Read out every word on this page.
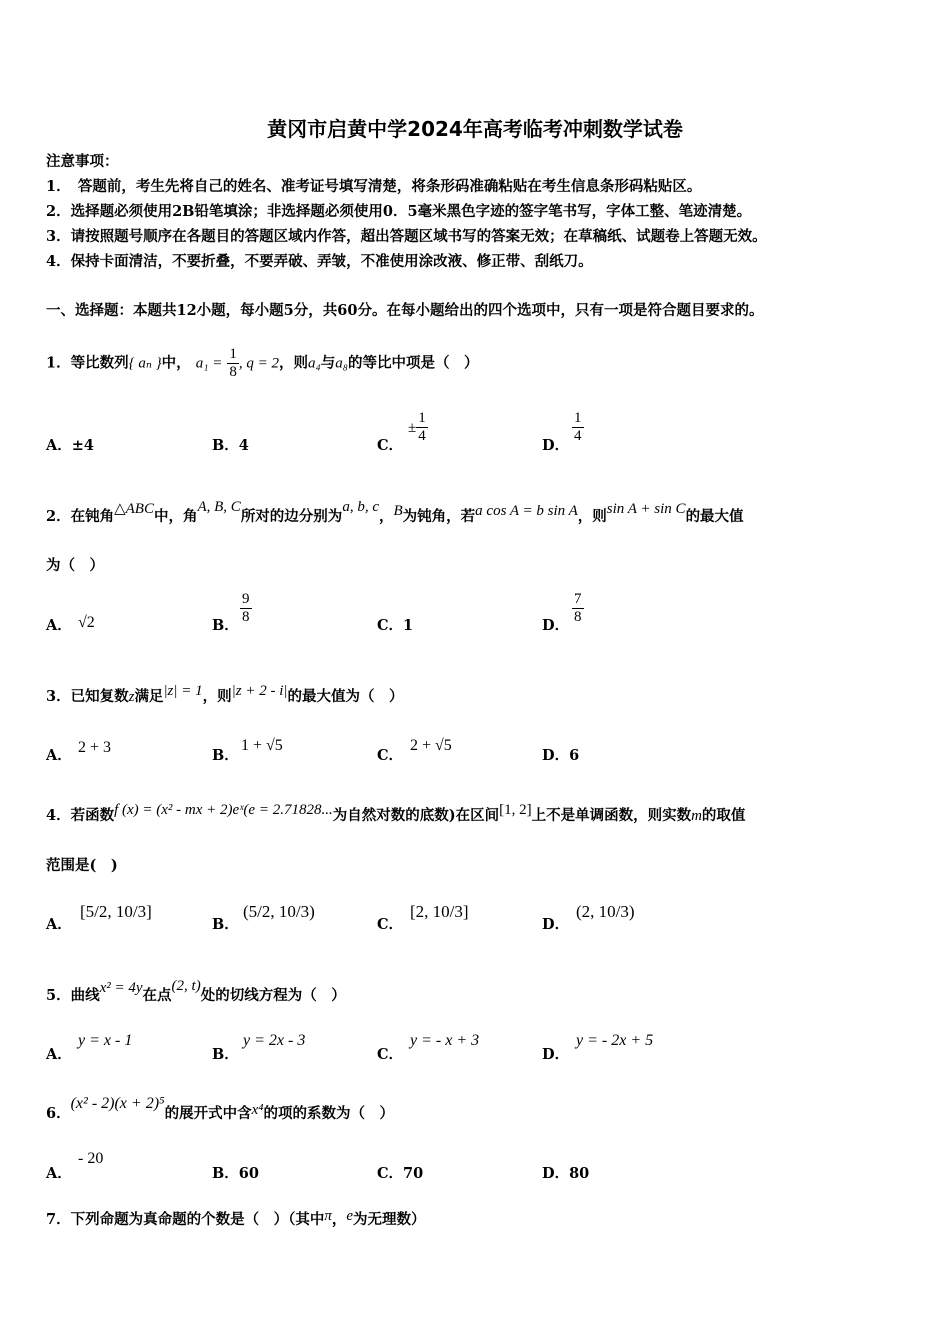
黄冈市启黄中学2024年高考临考冲刺数学试卷
注意事项：
1．　答题前，考生先将自己的姓名、准考证号填写清楚，将条形码准确粘贴在考生信息条形码粘贴区。
2．选择题必须使用2B铅笔填涂；非选择题必须使用0．5毫米黑色字迹的签字笔书写，字体工整、笔迹清楚。
3．请按照题号顺序在各题目的答题区域内作答，超出答题区域书写的答案无效；在草稿纸、试题卷上答题无效。
4．保持卡面清洁，不要折叠，不要弄破、弄皱，不准使用涂改液、修正带、刮纸刀。
一、选择题：本题共12小题，每小题5分，共60分。在每小题给出的四个选项中，只有一项是符合题目要求的。
1．等比数列{ aₙ }中， $a_1 = \frac{1}{8}$ , q = 2，则a₄与a₈的等比中项是（　）
A．±4	B．4	C．
± $\frac{1}{4}$
D．
$\frac{1}{4}$
2．在钝角△ABC中，角A, B, C所对的边分别为a, b, c，B为钝角，若a cos A = b sin A，则sin A + sin C的最大值
为（　）
A． √2	B． $\frac{9}{8}$	C．1	D． $\frac{7}{8}$
3．已知复数z满足|z| = 1，则|z + 2 - i|的最大值为（　）
A． 2 + 3	B．
1 + √5
C．
2 + √5
D．6
4．若函数f (x) = (x² - mx + 2)eˣ(e = 2.71828...为自然对数的底数)在区间[1, 2]上不是单调函数，则实数m的取值
范围是(　)
A．
[5/2, 10/3]
B．
(5/2, 10/3)
C．
[2, 10/3]
D．
(2, 10/3)
5．曲线x² = 4y在点(2, t)处的切线方程为（　）
A．
y = x - 1
B．
y = 2x - 3
C．
y = - x + 3
D．
y = - 2x + 5
6．(x² - 2)(x + 2)⁵的展开式中含x⁴的项的系数为（　）
A．
- 20
B．60	C．70	D．80
7．下列命题为真命题的个数是（　）（其中π，e为无理数）
